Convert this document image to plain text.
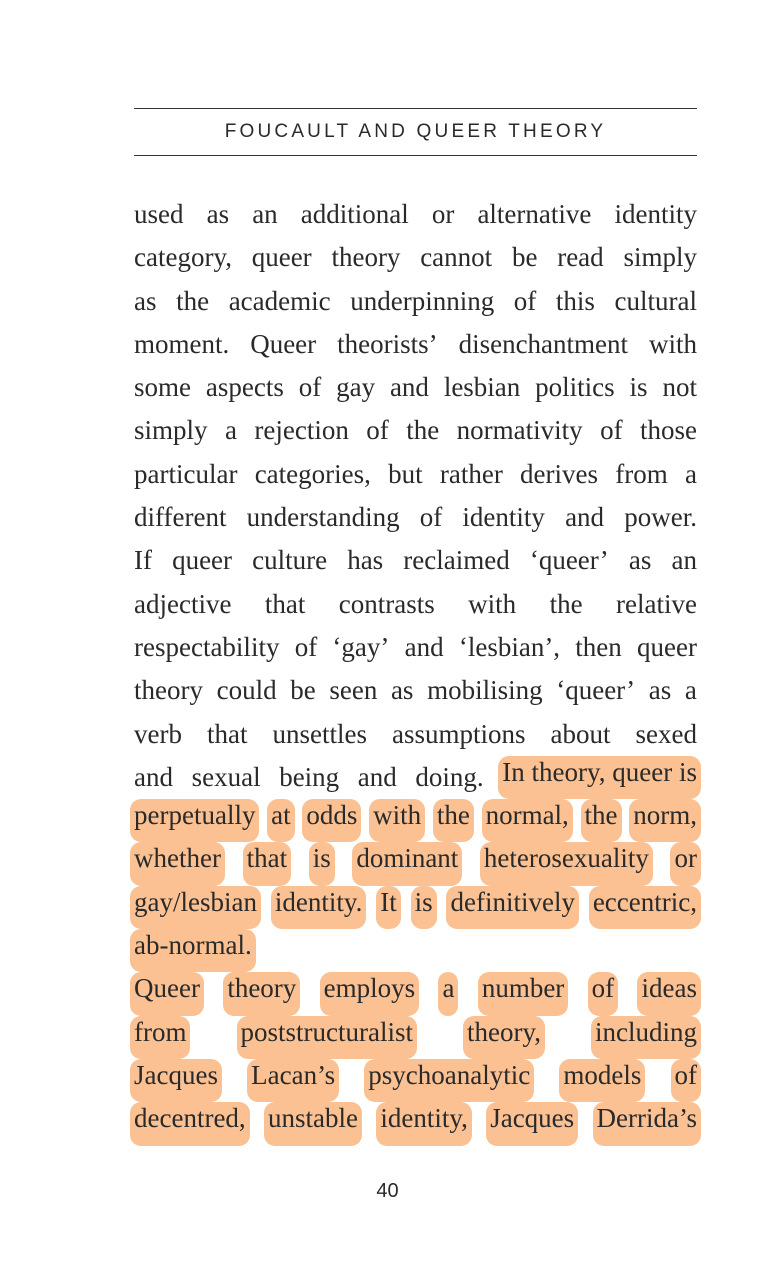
FOUCAULT AND QUEER THEORY
used as an additional or alternative identity
category, queer theory cannot be read simply
as the academic underpinning of this cultural
moment. Queer theorists’ disenchantment with
some aspects of gay and lesbian politics is not
simply a rejection of the normativity of those
particular categories, but rather derives from a
different understanding of identity and power.
If queer culture has reclaimed ‘queer’ as an
adjective that contrasts with the relative
respectability of ‘gay’ and ‘lesbian’, then queer
theory could be seen as mobilising ‘queer’ as a
verb that unsettles assumptions about sexed
and sexual being and doing. In theory, queer is
perpetually at odds with the normal, the norm,
whether that is dominant heterosexuality or
gay/lesbian identity. It is definitively eccentric,
ab-normal.
Queer theory employs a number of ideas
from poststructuralist theory, including
Jacques Lacan’s psychoanalytic models of
decentred, unstable identity, Jacques Derrida’s
40
